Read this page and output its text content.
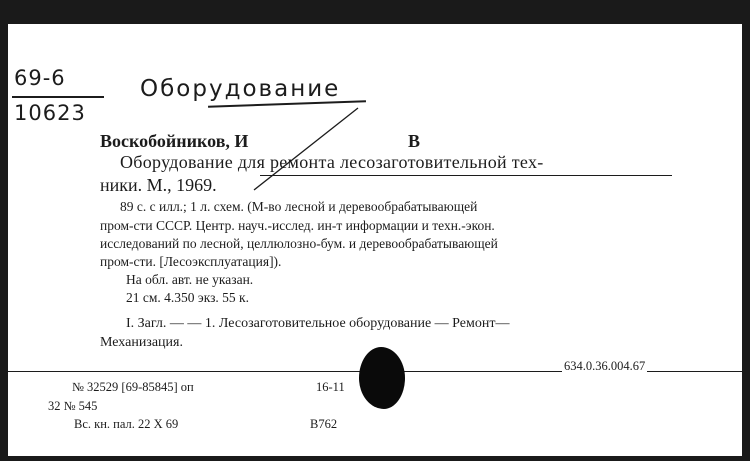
69-6
10623
Оборудование
Воскобойников, И	В
Оборудование для ремонта лесозаготовительной тех-
ники. М., 1969.
89 с. с илл.; 1 л. схем. (М-во лесной и деревообрабатывающей
пром-сти СССР. Центр. науч.-исслед. ин-т информации и техн.-экон.
исследований по лесной, целлюлозно-бум. и деревообрабатывающей
пром-сти. [Лесоэксплуатация]).
На обл. авт. не указан.
21 см. 4.350 экз. 55 к.
I. Загл. — — 1. Лесозаготовительное оборудование — Ремонт—
Механизация.
634.0.36.004.67
№ 32529 [69-85845] оп	16-11
32 № 545
Вс. кн. пал. 22 X 69	В762
